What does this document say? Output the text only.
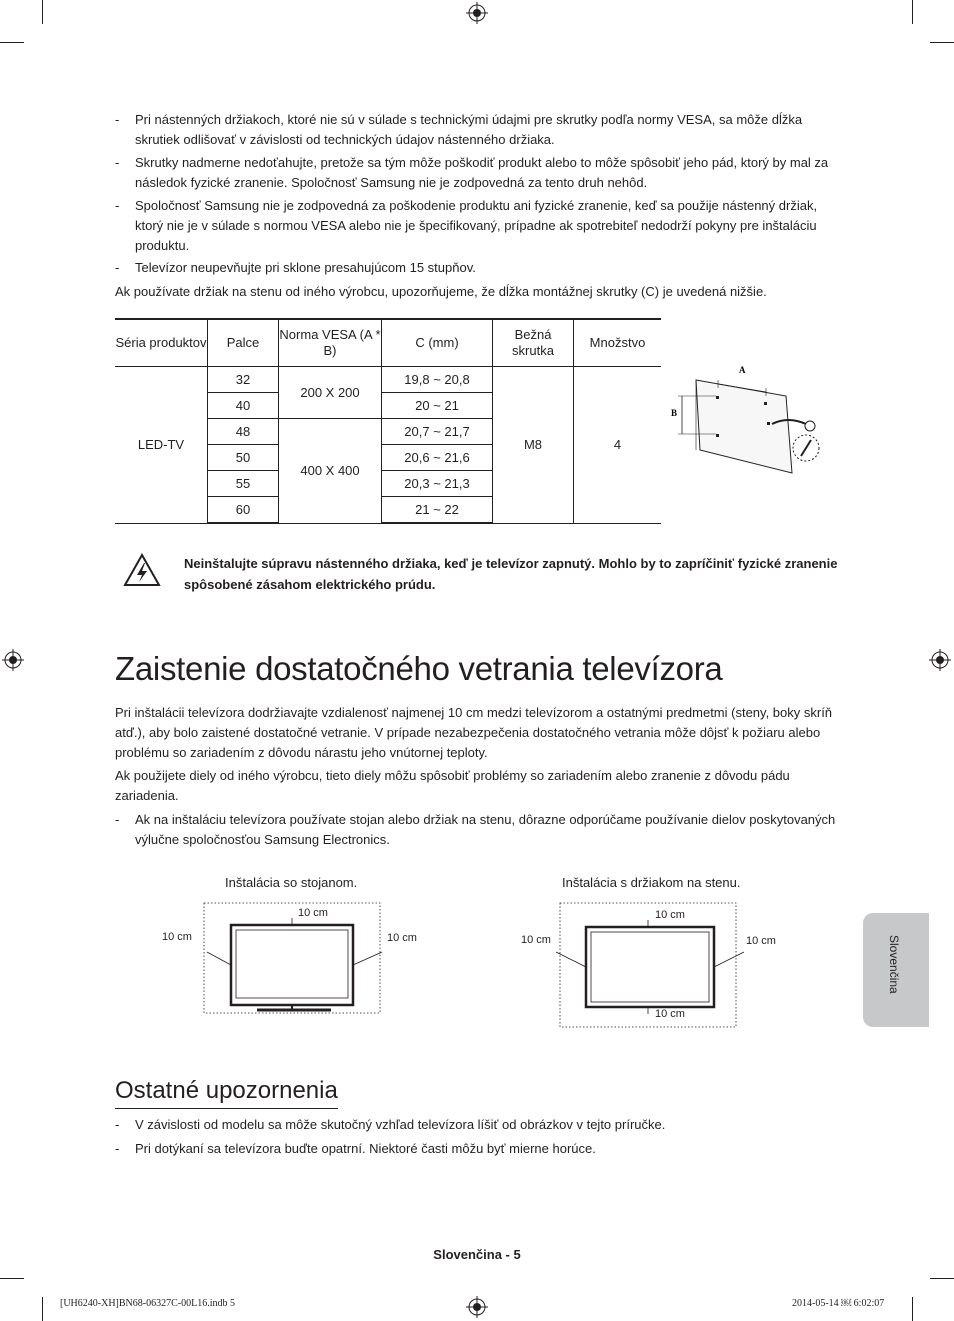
- Pri nástenných držiakoch, ktoré nie sú v súlade s technickými údajmi pre skrutky podľa normy VESA, sa môže dĺžka skrutiek odlišovať v závislosti od technických údajov nástenného držiaka.
- Skrutky nadmerne nedoťahujte, pretože sa tým môže poškodiť produkt alebo to môže spôsobiť jeho pád, ktorý by mal za následok fyzické zranenie. Spoločnosť Samsung nie je zodpovedná za tento druh nehôd.
- Spoločnosť Samsung nie je zodpovedná za poškodenie produktu ani fyzické zranenie, keď sa použije nástenný držiak, ktorý nie je v súlade s normou VESA alebo nie je špecifikovaný, prípadne ak spotrebiteľ nedodrží pokyny pre inštaláciu produktu.
- Televízor neupevňujte pri sklone presahujúcom 15 stupňov.
Ak používate držiak na stenu od iného výrobcu, upozorňujeme, že dĺžka montážnej skrutky (C) je uvedená nižšie.
Séria produktov	Palce	Norma VESA (A * B)	C (mm)	Bežná skrutka	Množstvo
LED-TV	32	200 X 200	19,8 ~ 20,8	M8	4
	40		20 ~ 21		
	48	400 X 400	20,7 ~ 21,7		
	50		20,6 ~ 21,6		
	55		20,3 ~ 21,3		
	60		21 ~ 22		
A
B
Neinštalujte súpravu nástenného držiaka, keď je televízor zapnutý. Mohlo by to zapríčiniť fyzické zranenie spôsobené zásahom elektrického prúdu.
Zaistenie dostatočného vetrania televízora
Pri inštalácii televízora dodržiavajte vzdialenosť najmenej 10 cm medzi televízorom a ostatnými predmetmi (steny, boky skríň atď.), aby bolo zaistené dostatočné vetranie. V prípade nezabezpečenia dostatočného vetrania môže dôjsť k požiaru alebo problému so zariadením z dôvodu nárastu jeho vnútornej teploty.
Ak použijete diely od iného výrobcu, tieto diely môžu spôsobiť problémy so zariadením alebo zranenie z dôvodu pádu zariadenia.
- Ak na inštaláciu televízora používate stojan alebo držiak na stenu, dôrazne odporúčame používanie dielov poskytovaných výlučne spoločnosťou Samsung Electronics.
Inštalácia so stojanom.
10 cm
10 cm	10 cm
Inštalácia s držiakom na stenu.
10 cm
10 cm	10 cm
10 cm
Ostatné upozornenia
- V závislosti od modelu sa môže skutočný vzhľad televízora líšiť od obrázkov v tejto príručke.
- Pri dotýkaní sa televízora buďte opatrní. Niektoré časti môžu byť mierne horúce.
Slovenčina
Slovenčina - 5
[UH6240-XH]BN68-06327C-00L16.indb 5	2014-05-14 ￼ 6:02:07
